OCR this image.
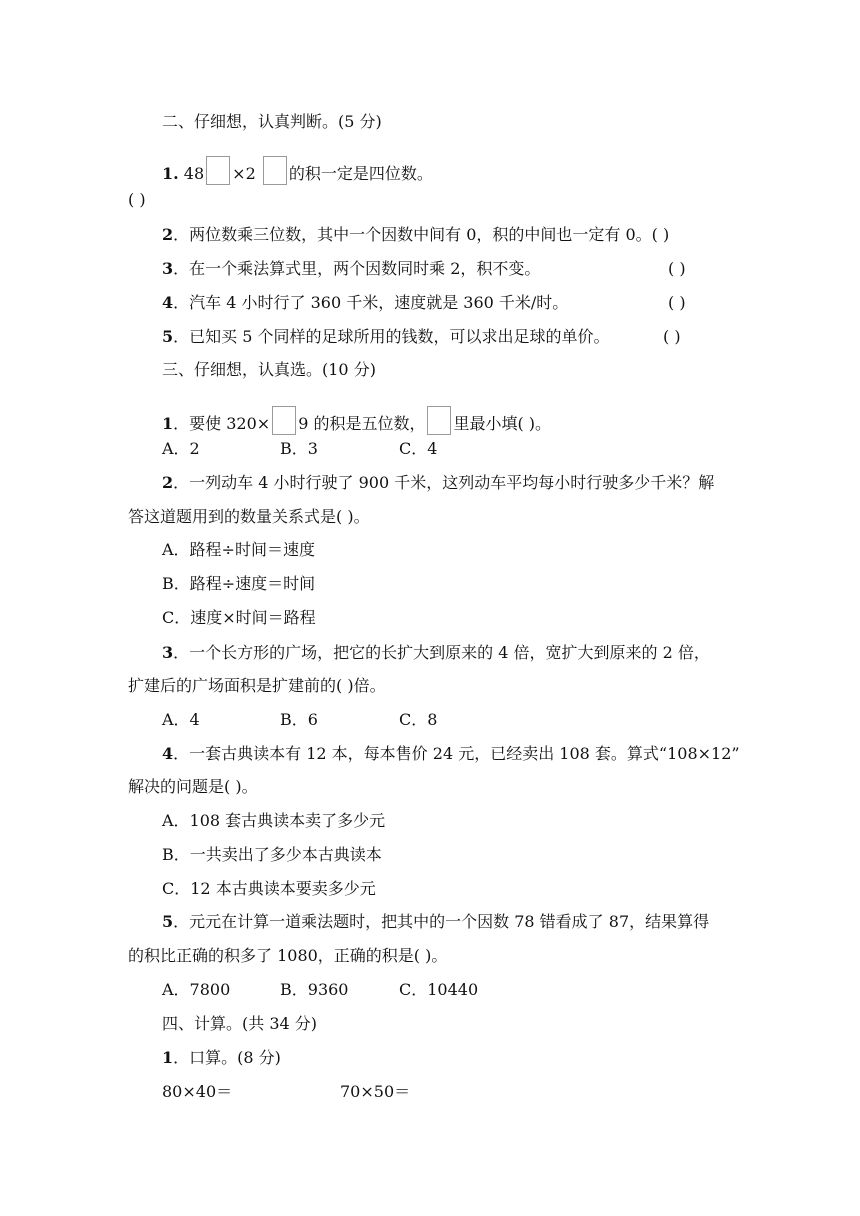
二、仔细想，认真判断。(5 分)
1. 48 ×2 的积一定是四位数。
( )
2．两位数乘三位数，其中一个因数中间有 0，积的中间也一定有 0。( )
3．在一个乘法算式里，两个因数同时乘 2，积不变。	( )
4．汽车 4 小时行了 360 千米，速度就是 360 千米/时。	( )
5．已知买 5 个同样的足球所用的钱数，可以求出足球的单价。	( )
三、仔细想，认真选。(10 分)
1．要使 320× 9 的积是五位数， 里最小填( )。
A．2	B．3	C．4
2．一列动车 4 小时行驶了 900 千米，这列动车平均每小时行驶多少千米？解
答这道题用到的数量关系式是( )。
A．路程÷时间＝速度
B．路程÷速度＝时间
C．速度×时间＝路程
3．一个长方形的广场，把它的长扩大到原来的 4 倍，宽扩大到原来的 2 倍，
扩建后的广场面积是扩建前的( )倍。
A．4	B．6	C．8
4．一套古典读本有 12 本，每本售价 24 元，已经卖出 108 套。算式“108×12”
解决的问题是( )。
A．108 套古典读本卖了多少元
B．一共卖出了多少本古典读本
C．12 本古典读本要卖多少元
5．元元在计算一道乘法题时，把其中的一个因数 78 错看成了 87，结果算得
的积比正确的积多了 1080，正确的积是( )。
A．7800	B．9360	C．10440
四、计算。(共 34 分)
1．口算。(8 分)
80×40＝	70×50＝
